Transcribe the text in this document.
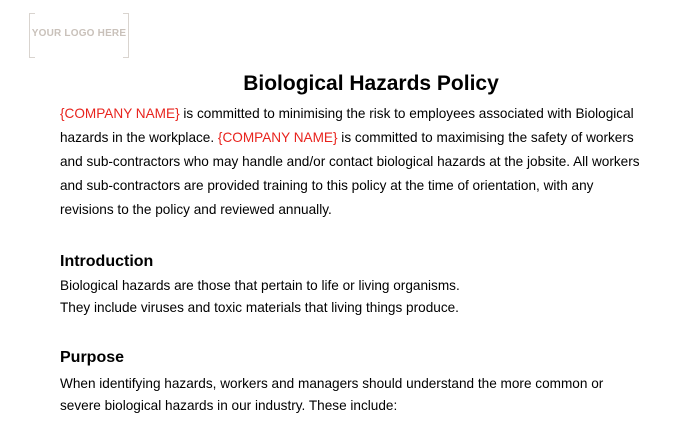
YOUR LOGO HERE
Biological Hazards Policy

{COMPANY NAME} is committed to minimising the risk to employees associated with Biological
hazards in the workplace. {COMPANY NAME} is committed to maximising the safety of workers
and sub-contractors who may handle and/or contact biological hazards at the jobsite. All workers
and sub-contractors are provided training to this policy at the time of orientation, with any
revisions to the policy and reviewed annually.

Introduction

Biological hazards are those that pertain to life or living organisms.
They include viruses and toxic materials that living things produce.

Purpose

When identifying hazards, workers and managers should understand the more common or
severe biological hazards in our industry. These include:
